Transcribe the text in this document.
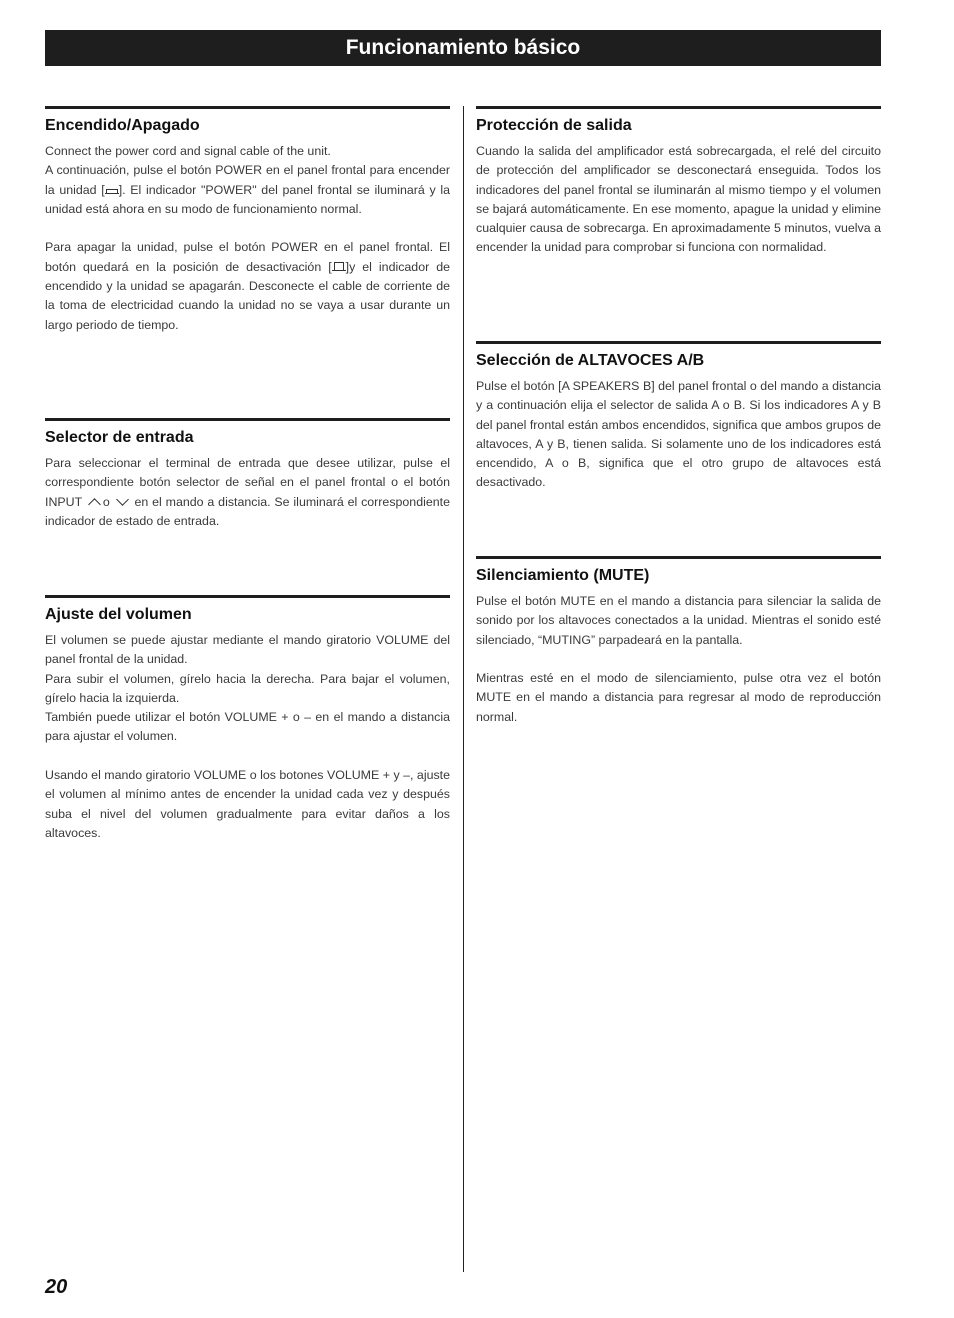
Funcionamiento básico
Encendido/Apagado

Connect the power cord and signal cable of the unit.
A continuación, pulse el botón POWER en el panel frontal para encender la unidad [ ]. El indicador "POWER" del panel frontal se iluminará y la unidad está ahora en su modo de funcionamiento normal.

Para apagar la unidad, pulse el botón POWER en el panel frontal. El botón quedará en la posición de desactivación [ ]y el indicador de encendido y la unidad se apagarán. Desconecte el cable de corriente de la toma de electricidad cuando la unidad no se vaya a usar durante un largo periodo de tiempo.

Selector de entrada

Para seleccionar el terminal de entrada que desee utilizar, pulse el correspondiente botón selector de señal en el panel frontal o el botón INPUT o en el mando a distancia. Se iluminará el correspondiente indicador de estado de entrada.

Ajuste del volumen

El volumen se puede ajustar mediante el mando giratorio VOLUME del panel frontal de la unidad.

Para subir el volumen, gírelo hacia la derecha. Para bajar el volumen, gírelo hacia la izquierda.

También puede utilizar el botón VOLUME + o – en el mando a distancia para ajustar el volumen.

Usando el mando giratorio VOLUME o los botones VOLUME + y –, ajuste el volumen al mínimo antes de encender la unidad cada vez y después suba el nivel del volumen gradualmente para evitar daños a los altavoces.

Protección de salida

Cuando la salida del amplificador está sobrecargada, el relé del circuito de protección del amplificador se desconectará enseguida. Todos los indicadores del panel frontal se iluminarán al mismo tiempo y el volumen se bajará automáticamente. En ese momento, apague la unidad y elimine cualquier causa de sobrecarga. En aproximadamente 5 minutos, vuelva a encender la unidad para comprobar si funciona con normalidad.

Selección de ALTAVOCES A/B

Pulse el botón [A SPEAKERS B] del panel frontal o del mando a distancia y a continuación elija el selector de salida A o B. Si los indicadores A y B del panel frontal están ambos encendidos, significa que ambos grupos de altavoces, A y B, tienen salida. Si solamente uno de los indicadores está encendido, A o B, significa que el otro grupo de altavoces está desactivado.

Silenciamiento (MUTE)

Pulse el botón MUTE en el mando a distancia para silenciar la salida de sonido por los altavoces conectados a la unidad. Mientras el sonido esté silenciado, “MUTING” parpadeará en la pantalla.

Mientras esté en el modo de silenciamiento, pulse otra vez el botón MUTE en el mando a distancia para regresar al modo de reproducción normal.

20
